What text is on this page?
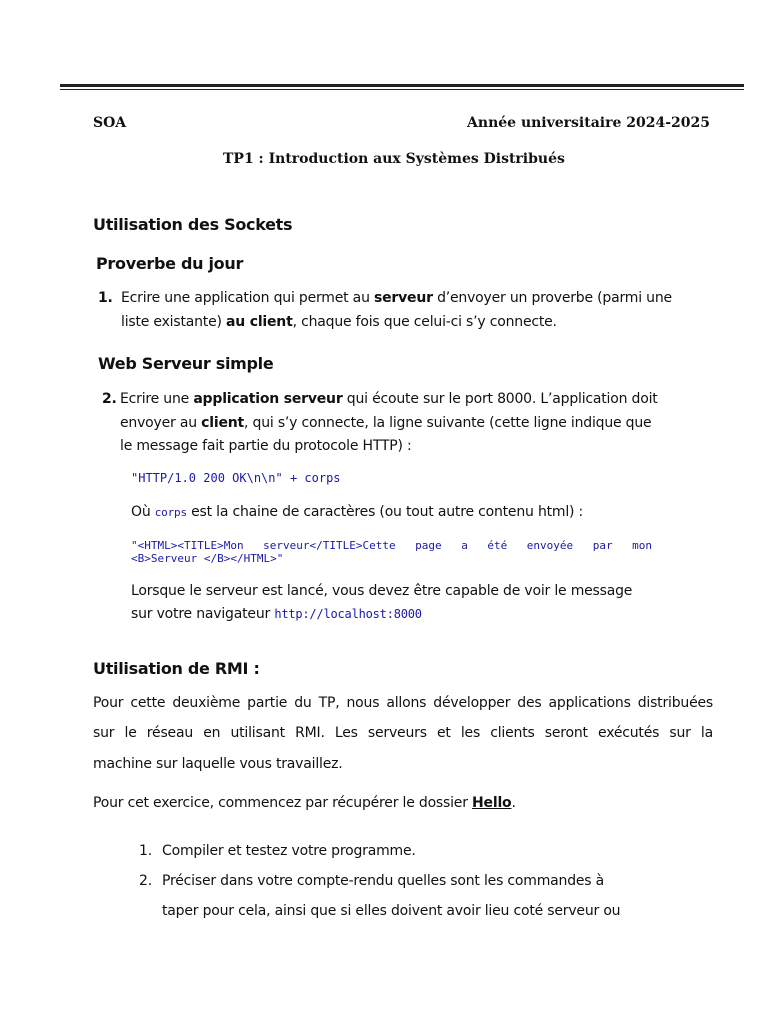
SOA	Année universitaire 2024-2025
TP1 : Introduction aux Systèmes Distribués
Utilisation des Sockets
Proverbe du jour
1. Ecrire une application qui permet au serveur d’envoyer un proverbe (parmi une
liste existante) au client, chaque fois que celui-ci s’y connecte.
Web Serveur simple
2. Ecrire une application serveur qui écoute sur le port 8000. L’application doit
envoyer au client, qui s’y connecte, la ligne suivante (cette ligne indique que
le message fait partie du protocole HTTP) :
"HTTP/1.0 200 OK\n\n" + corps
Où corps est la chaine de caractères (ou tout autre contenu html) :
"<HTML><TITLE>Mon serveur</TITLE>Cette page a été envoyée par mon
<B>Serveur </B></HTML>"
Lorsque le serveur est lancé, vous devez être capable de voir le message
sur votre navigateur http://localhost:8000
Utilisation de RMI :
Pour cette deuxième partie du TP, nous allons développer des applications distribuées
sur le réseau en utilisant RMI. Les serveurs et les clients seront exécutés sur la
machine sur laquelle vous travaillez.
Pour cet exercice, commencez par récupérer le dossier Hello.
1. Compiler et testez votre programme.
2. Préciser dans votre compte-rendu quelles sont les commandes à
taper pour cela, ainsi que si elles doivent avoir lieu coté serveur ou
